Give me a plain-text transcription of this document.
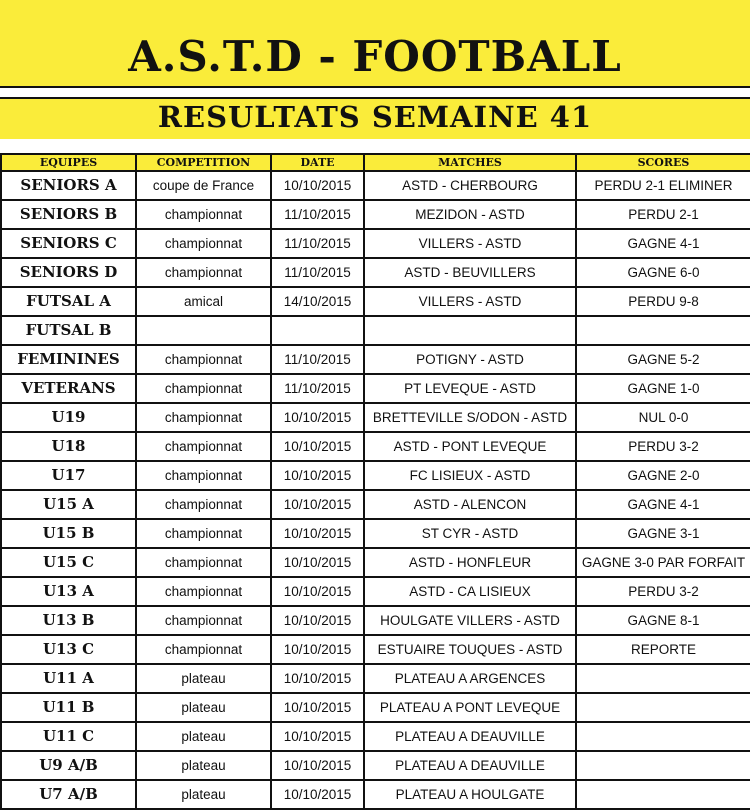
A.S.T.D - FOOTBALL
RESULTATS SEMAINE 41
EQUIPES	COMPETITION	DATE	MATCHES	SCORES
SENIORS A	coupe de France	10/10/2015	ASTD - CHERBOURG	PERDU 2-1 ELIMINER
SENIORS B	championnat	11/10/2015	MEZIDON - ASTD	PERDU 2-1
SENIORS C	championnat	11/10/2015	VILLERS - ASTD	GAGNE 4-1
SENIORS D	championnat	11/10/2015	ASTD - BEUVILLERS	GAGNE 6-0
FUTSAL A	amical	14/10/2015	VILLERS - ASTD	PERDU 9-8
FUTSAL B				
FEMININES	championnat	11/10/2015	POTIGNY - ASTD	GAGNE 5-2
VETERANS	championnat	11/10/2015	PT LEVEQUE - ASTD	GAGNE 1-0
U19	championnat	10/10/2015	BRETTEVILLE S/ODON - ASTD	NUL 0-0
U18	championnat	10/10/2015	ASTD - PONT LEVEQUE	PERDU 3-2
U17	championnat	10/10/2015	FC LISIEUX - ASTD	GAGNE 2-0
U15 A	championnat	10/10/2015	ASTD - ALENCON	GAGNE 4-1
U15 B	championnat	10/10/2015	ST CYR - ASTD	GAGNE 3-1
U15 C	championnat	10/10/2015	ASTD - HONFLEUR	GAGNE 3-0 PAR FORFAIT
U13 A	championnat	10/10/2015	ASTD - CA LISIEUX	PERDU 3-2
U13 B	championnat	10/10/2015	HOULGATE VILLERS - ASTD	GAGNE 8-1
U13 C	championnat	10/10/2015	ESTUAIRE TOUQUES - ASTD	REPORTE
U11 A	plateau	10/10/2015	PLATEAU A ARGENCES	
U11 B	plateau	10/10/2015	PLATEAU A PONT LEVEQUE	
U11 C	plateau	10/10/2015	PLATEAU A DEAUVILLE	
U9 A/B	plateau	10/10/2015	PLATEAU A DEAUVILLE	
U7 A/B	plateau	10/10/2015	PLATEAU A HOULGATE	
